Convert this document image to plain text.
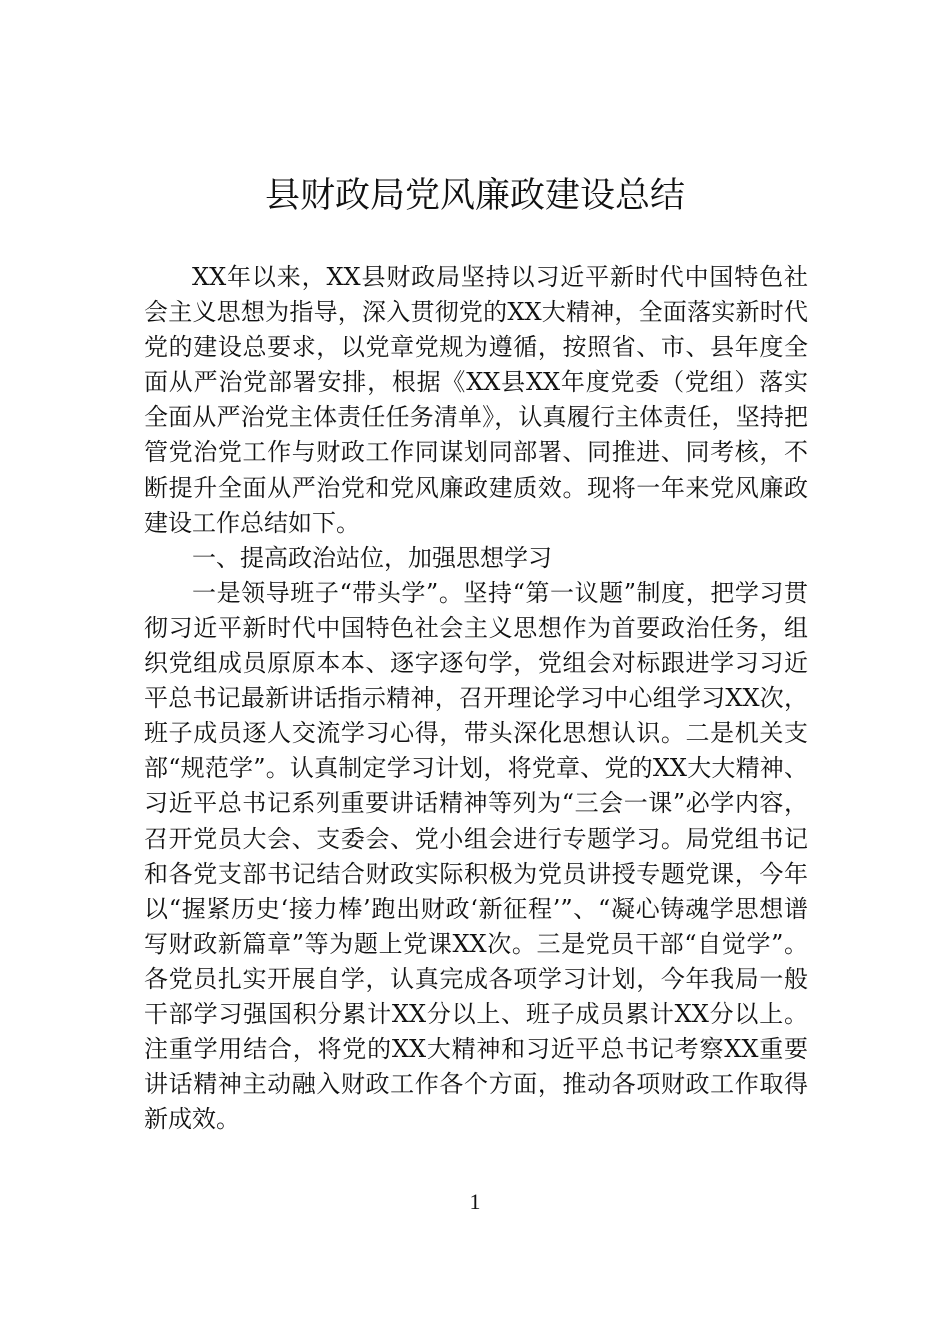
县财政局党风廉政建设总结

XX年以来，XX县财政局坚持以习近平新时代中国特色社会主义思想为指导，深入贯彻党的XX大精神，全面落实新时代党的建设总要求，以党章党规为遵循，按照省、市、县年度全面从严治党部署安排，根据《XX县XX年度党委（党组）落实全面从严治党主体责任任务清单》，认真履行主体责任，坚持把管党治党工作与财政工作同谋划同部署、同推进、同考核，不断提升全面从严治党和党风廉政建质效。现将一年来党风廉政建设工作总结如下。

一、提高政治站位，加强思想学习

一是领导班子“带头学”。坚持“第一议题”制度，把学习贯彻习近平新时代中国特色社会主义思想作为首要政治任务，组织党组成员原原本本、逐字逐句学，党组会对标跟进学习习近平总书记最新讲话指示精神，召开理论学习中心组学习XX次，班子成员逐人交流学习心得，带头深化思想认识。二是机关支部“规范学”。认真制定学习计划，将党章、党的XX大大精神、习近平总书记系列重要讲话精神等列为“三会一课”必学内容，召开党员大会、支委会、党小组会进行专题学习。局党组书记和各党支部书记结合财政实际积极为党员讲授专题党课，今年以“握紧历史‘接力棒’跑出财政‘新征程’”、“凝心铸魂学思想谱写财政新篇章”等为题上党课XX次。三是党员干部“自觉学”。各党员扎实开展自学，认真完成各项学习计划，今年我局一般干部学习强国积分累计XX分以上、班子成员累计XX分以上。注重学用结合，将党的XX大精神和习近平总书记考察XX重要讲话精神主动融入财政工作各个方面，推动各项财政工作取得新成效。

1
